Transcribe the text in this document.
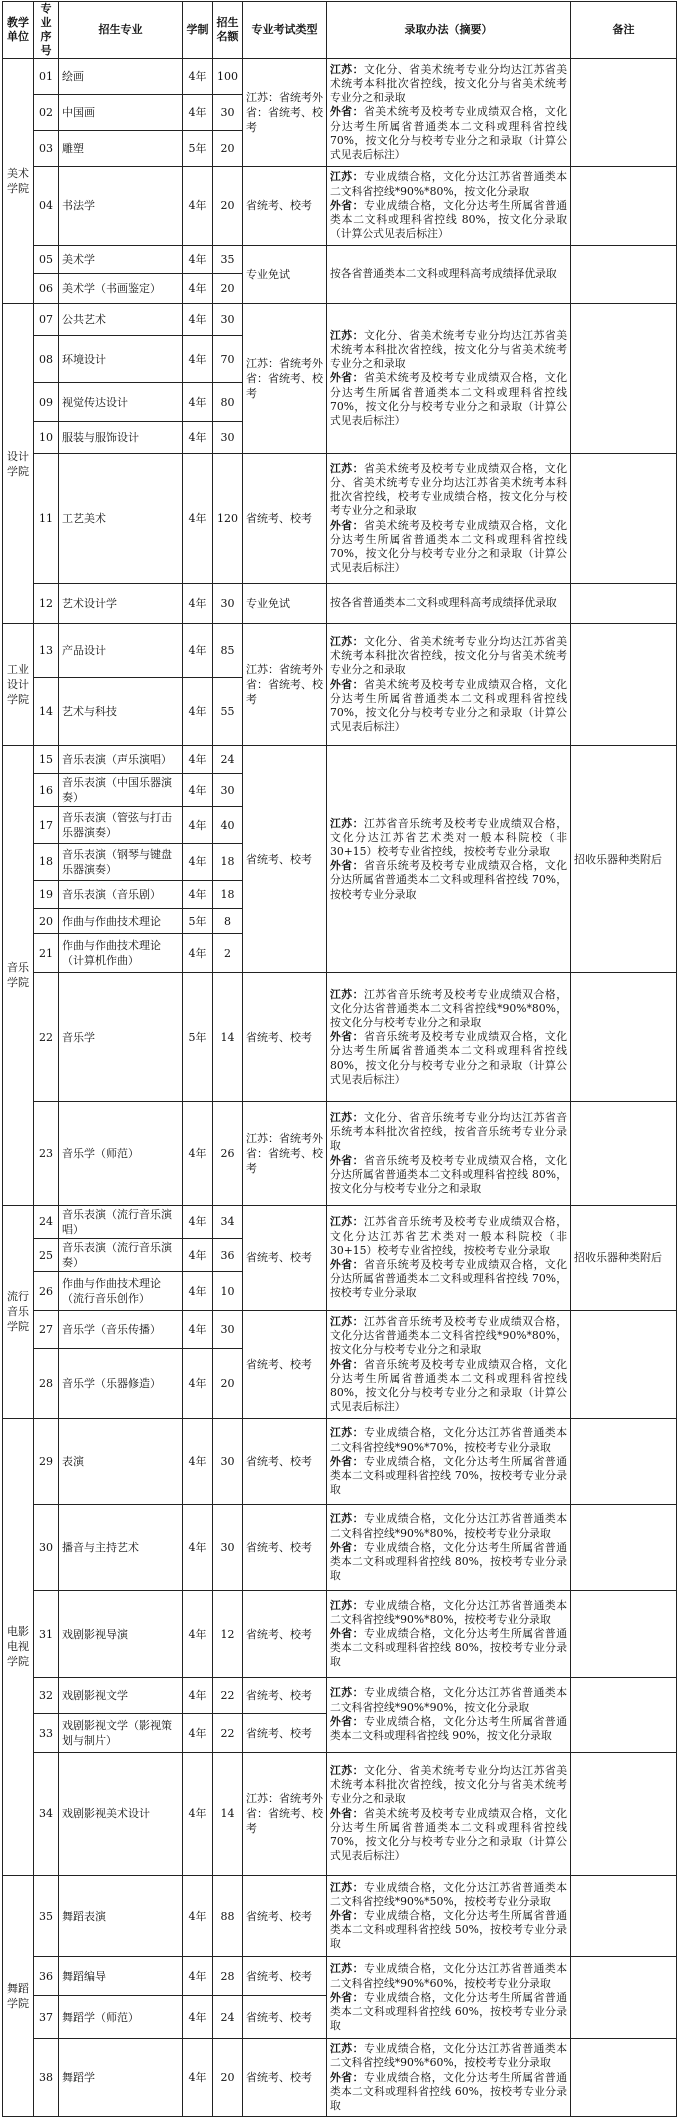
教学单位	专业序号	招生专业	学制	招生名额	专业考试类型	录取办法（摘要）	备注
美术学院	01	绘画	4年	100	江苏：省统考外省：省统考、校考	江苏：文化分、省美术统考专业分均达江苏省美术统考本科批次省控线，按文化分与省美术统考专业分之和录取
外省：省美术统考及校考专业成绩双合格，文化分达考生所属省普通类本二文科或理科省控线 70%，按文化分与校考专业分之和录取（计算公式见表后标注）	
	02	中国画	4年	30			
	03	雕塑	5年	20			
	04	书法学	4年	20	省统考、校考	江苏：专业成绩合格，文化分达江苏省普通类本二文科省控线*90%*80%，按文化分录取
外省：专业成绩合格，文化分达考生所属省普通类本二文科或理科省控线 80%，按文化分录取（计算公式见表后标注）	
	05	美术学	4年	35	专业免试	按各省普通类本二文科或理科高考成绩择优录取	
	06	美术学（书画鉴定）	4年	20			
设计学院	07	公共艺术	4年	30	江苏：省统考外省：省统考、校考	江苏：文化分、省美术统考专业分均达江苏省美术统考本科批次省控线，按文化分与省美术统考专业分之和录取
外省：省美术统考及校考专业成绩双合格，文化分达考生所属省普通类本二文科或理科省控线 70%，按文化分与校考专业分之和录取（计算公式见表后标注）	
	08	环境设计	4年	70			
	09	视觉传达设计	4年	80			
	10	服装与服饰设计	4年	30			
	11	工艺美术	4年	120	省统考、校考	江苏：省美术统考及校考专业成绩双合格，文化分、省美术统考专业分均达江苏省美术统考本科批次省控线，校考专业成绩合格，按文化分与校考专业分之和录取
外省：省美术统考及校考专业成绩双合格，文化分达考生所属省普通类本二文科或理科省控线 70%，按文化分与校考专业分之和录取（计算公式见表后标注）	
	12	艺术设计学	4年	30	专业免试	按各省普通类本二文科或理科高考成绩择优录取	
工业设计学院	13	产品设计	4年	85	江苏：省统考外省：省统考、校考	江苏：文化分、省美术统考专业分均达江苏省美术统考本科批次省控线，按文化分与省美术统考专业分之和录取
外省：省美术统考及校考专业成绩双合格，文化分达考生所属省普通类本二文科或理科省控线 70%，按文化分与校考专业分之和录取（计算公式见表后标注）	
	14	艺术与科技	4年	55			
音乐学院	15	音乐表演（声乐演唱）	4年	24	省统考、校考	江苏：江苏省音乐统考及校考专业成绩双合格，文化分达江苏省艺术类对一般本科院校（非30+15）校考专业省控线，按校考专业分录取
外省：省音乐统考及校考专业成绩双合格，文化分达所属省普通类本二文科或理科省控线 70%，按校考专业分录取	招收乐器种类附后
	16	音乐表演（中国乐器演奏）	4年	30			
	17	音乐表演（管弦与打击乐器演奏）	4年	40			
	18	音乐表演（钢琴与键盘乐器演奏）	4年	18			
	19	音乐表演（音乐剧）	4年	18			
	20	作曲与作曲技术理论	5年	8			
	21	作曲与作曲技术理论（计算机作曲）	4年	2			
	22	音乐学	5年	14	省统考、校考	江苏：江苏省音乐统考及校考专业成绩双合格，文化分达省普通类本二文科省控线*90%*80%，按文化分与校考专业分之和录取
外省：省音乐统考及校考专业成绩双合格，文化分达考生所属省普通类本二文科或理科省控线 80%，按文化分与校考专业分之和录取（计算公式见表后标注）	
	23	音乐学（师范）	4年	26	江苏：省统考外省：省统考、校考	江苏：文化分、省音乐统考专业分均达江苏省音乐统考本科批次省控线，按省音乐统考专业分录取
外省：省音乐统考及校考专业成绩双合格，文化分达所属省普通类本二文科或理科省控线 80%，按文化分与校考专业分之和录取	
流行音乐学院	24	音乐表演（流行音乐演唱）	4年	34	省统考、校考	江苏：江苏省音乐统考及校考专业成绩双合格，文化分达江苏省艺术类对一般本科院校（非30+15）校考专业省控线，按校考专业分录取
外省：省音乐统考及校考专业成绩双合格，文化分达所属省普通类本二文科或理科省控线 70%，按校考专业分录取	招收乐器种类附后
	25	音乐表演（流行音乐演奏）	4年	36			
	26	作曲与作曲技术理论（流行音乐创作）	4年	10			
	27	音乐学（音乐传播）	4年	30	省统考、校考	江苏：江苏省音乐统考及校考专业成绩双合格，文化分达省普通类本二文科省控线*90%*80%，按文化分与校考专业分之和录取
外省：省音乐统考及校考专业成绩双合格，文化分达考生所属省普通类本二文科或理科省控线 80%，按文化分与校考专业分之和录取（计算公式见表后标注）	
	28	音乐学（乐器修造）	4年	20			
电影电视学院	29	表演	4年	30	省统考、校考	江苏：专业成绩合格，文化分达江苏省普通类本二文科省控线*90%*70%，按校考专业分录取
外省：专业成绩合格，文化分达考生所属省普通类本二文科或理科省控线 70%，按校考专业分录取	
	30	播音与主持艺术	4年	30	省统考、校考	江苏：专业成绩合格，文化分达江苏省普通类本二文科省控线*90%*80%，按校考专业分录取
外省：专业成绩合格，文化分达考生所属省普通类本二文科或理科省控线 80%，按校考专业分录取	
	31	戏剧影视导演	4年	12	省统考、校考	江苏：专业成绩合格，文化分达江苏省普通类本二文科省控线*90%*80%，按校考专业分录取
外省：专业成绩合格，文化分达考生所属省普通类本二文科或理科省控线 80%，按校考专业分录取	
	32	戏剧影视文学	4年	22	省统考、校考	江苏：专业成绩合格，文化分达江苏省普通类本二文科省控线*90%*90%，按文化分录取
外省：专业成绩合格，文化分达考生所属省普通类本二文科或理科省控线 90%，按文化分录取	
	33	戏剧影视文学（影视策划与制片）	4年	22	省统考、校考		
	34	戏剧影视美术设计	4年	14	江苏：省统考外省：省统考、校考	江苏：文化分、省美术统考专业分均达江苏省美术统考本科批次省控线，按文化分与省美术统考专业分之和录取
外省：省美术统考及校考专业成绩双合格，文化分达考生所属省普通类本二文科或理科省控线 70%，按文化分与校考专业分之和录取（计算公式见表后标注）	
舞蹈学院	35	舞蹈表演	4年	88	省统考、校考	江苏：专业成绩合格，文化分达江苏省普通类本二文科省控线*90%*50%，按校考专业分录取
外省：专业成绩合格，文化分达考生所属省普通类本二文科或理科省控线 50%，按校考专业分录取	
	36	舞蹈编导	4年	28	省统考、校考	江苏：专业成绩合格，文化分达江苏省普通类本二文科省控线*90%*60%，按校考专业分录取
外省：专业成绩合格，文化分达考生所属省普通类本二文科或理科省控线 60%，按校考专业分录取	
	37	舞蹈学（师范）	4年	24	省统考、校考		
	38	舞蹈学	4年	20	省统考、校考	江苏：专业成绩合格，文化分达江苏省普通类本二文科省控线*90%*60%，按校考专业分录取
外省：专业成绩合格，文化分达考生所属省普通类本二文科或理科省控线 60%，按校考专业分录取	
